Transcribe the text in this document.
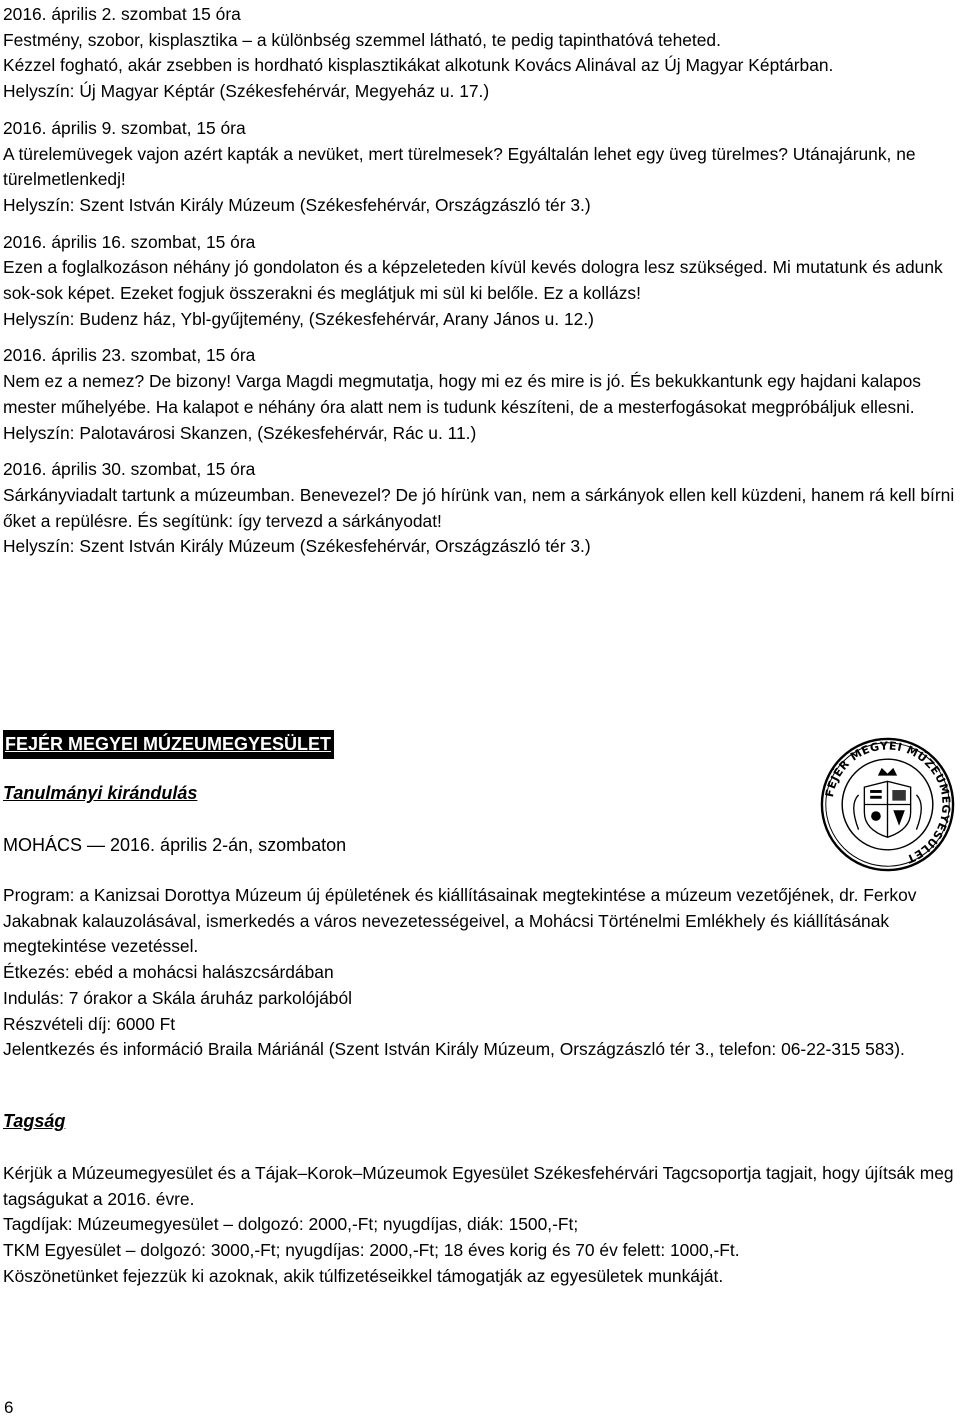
2016. április 2. szombat 15 óra

Festmény, szobor, kisplasztika – a különbség szemmel látható, te pedig tapinthatóvá teheted.

Kézzel fogható, akár zsebben is hordható kisplasztikákat alkotunk Kovács Alinával az Új Magyar Képtárban.

Helyszín: Új Magyar Képtár (Székesfehérvár, Megyeház u. 17.)

2016. április 9. szombat, 15 óra

A türelemüvegek vajon azért kapták a nevüket, mert türelmesek? Egyáltalán lehet egy üveg türelmes? Utánajárunk, ne türelmetlenkedj!

Helyszín: Szent István Király Múzeum (Székesfehérvár, Országzászló tér 3.)

2016. április 16. szombat, 15 óra

Ezen a foglalkozáson néhány jó gondolaton és a képzeleteden kívül kevés dologra lesz szükséged. Mi mutatunk és adunk sok-sok képet. Ezeket fogjuk összerakni és meglátjuk mi sül ki belőle. Ez a kollázs!

Helyszín: Budenz ház, Ybl-gyűjtemény, (Székesfehérvár, Arany János u. 12.)

2016. április 23. szombat, 15 óra

Nem ez a nemez? De bizony! Varga Magdi megmutatja, hogy mi ez és mire is jó. És bekukkantunk egy hajdani kalapos mester műhelyébe. Ha kalapot e néhány óra alatt nem is tudunk készíteni, de a mesterfogásokat megpróbáljuk ellesni.

Helyszín: Palotavárosi Skanzen, (Székesfehérvár, Rác u. 11.)

2016. április 30. szombat, 15 óra

Sárkányviadalt tartunk a múzeumban. Benevezel? De jó hírünk van, nem a sárkányok ellen kell küzdeni, hanem rá kell bírni őket a repülésre. És segítünk: így tervezd a sárkányodat!

Helyszín: Szent István Király Múzeum (Székesfehérvár, Országzászló tér 3.)

FEJÉR MEGYEI MÚZEUMEGYESÜLET
FEJÉR MEGYEI MÚZEUMEGYESÜLET
Tanulmányi kirándulás

MOHÁCS — 2016. április 2-án, szombaton

Program: a Kanizsai Dorottya Múzeum új épületének és kiállításainak megtekintése a múzeum vezetőjének, dr. Ferkov Jakabnak kalauzolásával, ismerkedés a város nevezetességeivel, a Mohácsi Történelmi Emlékhely és kiállításának megtekintése vezetéssel.

Étkezés: ebéd a mohácsi halászcsárdában

Indulás: 7 órakor a Skála áruház parkolójából

Részvételi díj: 6000 Ft

Jelentkezés és információ Braila Máriánál (Szent István Király Múzeum, Országzászló tér 3., telefon: 06-22-315 583).

Tagság

Kérjük a Múzeumegyesület és a Tájak–Korok–Múzeumok Egyesület Székesfehérvári Tagcsoportja tagjait, hogy újítsák meg tagságukat a 2016. évre.

Tagdíjak: Múzeumegyesület – dolgozó: 2000,-Ft; nyugdíjas, diák: 1500,-Ft;

TKM Egyesület – dolgozó: 3000,-Ft; nyugdíjas: 2000,-Ft; 18 éves korig és 70 év felett: 1000,-Ft.

Köszönetünket fejezzük ki azoknak, akik túlfizetéseikkel támogatják az egyesületek munkáját.

6
